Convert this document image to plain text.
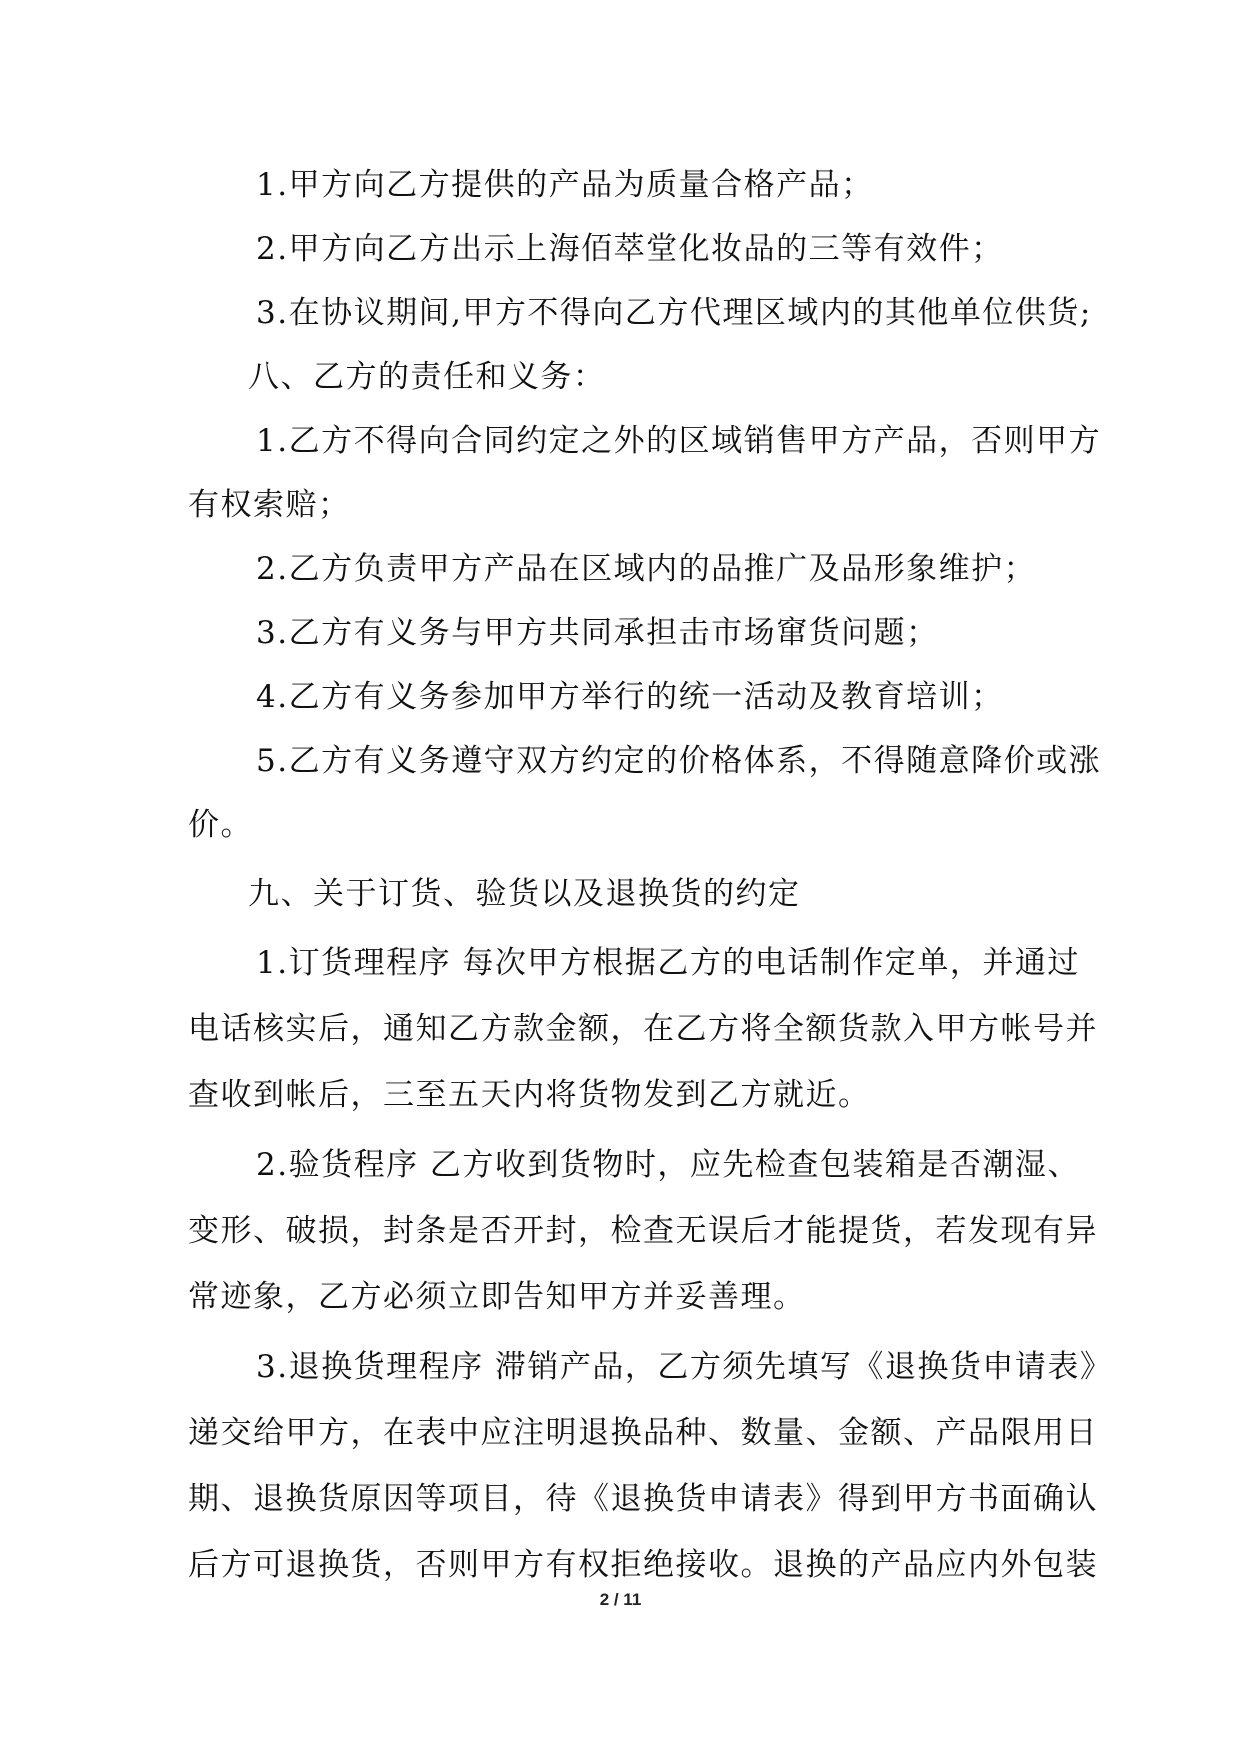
1.甲方向乙方提供的产品为质量合格产品；
2.甲方向乙方出示上海佰萃堂化妆品的三等有效件；
3.在协议期间,甲方不得向乙方代理区域内的其他单位供货;
八、乙方的责任和义务：
1.乙方不得向合同约定之外的区域销售甲方产品，否则甲方
有权索赔；
2.乙方负责甲方产品在区域内的品推广及品形象维护；
3.乙方有义务与甲方共同承担击市场窜货问题；
4.乙方有义务参加甲方举行的统一活动及教育培训；
5.乙方有义务遵守双方约定的价格体系，不得随意降价或涨
价。
九、关于订货、验货以及退换货的约定
1.订货理程序 每次甲方根据乙方的电话制作定单，并通过
电话核实后，通知乙方款金额，在乙方将全额货款入甲方帐号并
查收到帐后，三至五天内将货物发到乙方就近。
2.验货程序 乙方收到货物时，应先检查包装箱是否潮湿、
变形、破损，封条是否开封，检查无误后才能提货，若发现有异
常迹象，乙方必须立即告知甲方并妥善理。
3.退换货理程序 滞销产品，乙方须先填写《退换货申请表》
递交给甲方，在表中应注明退换品种、数量、金额、产品限用日
期、退换货原因等项目，待《退换货申请表》得到甲方书面确认
后方可退换货，否则甲方有权拒绝接收。退换的产品应内外包装
2 / 11
